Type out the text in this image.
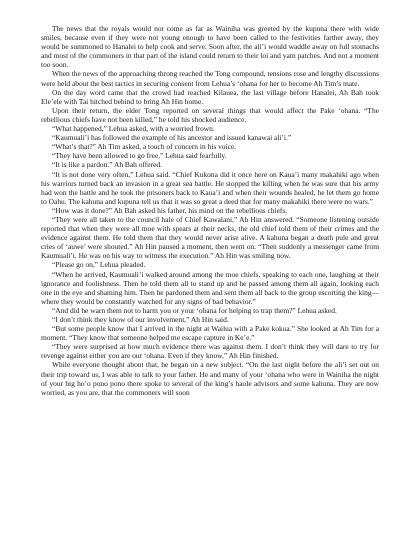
The news that the royals would not come as far as Wainiha was greeted by the kupuna there with wide smiles, because even if they were not young enough to have been called to the festivities farther away, they would be summoned to Hanalei to help cook and serve. Soon after, the ali’i would waddle away on full stomachs and most of the commoners in that part of the island could return to their loi and yam patches. And not a moment too soon.

When the news of the approaching throng reached the Tong compound, tensions rose and lengthy discussions were held about the best tactics in securing consent from Lehua’s ‘ohana for her to become Ah Tim’s mate.

On the day word came that the crowd had reached Kilauea, the last village before Hanalei, Ah Bah took Ele’ele with Tai hitched behind to bring Ah Hin home.

Upon their return, the elder Tong reported on several things that would affect the Pake ‘ohana. “The rebellious chiefs have not been killed,” he told his shocked audience.

“What happened,” Lehua asked, with a worried frown.

“Kaumuali’i has followed the example of his ancestor and issued kanawai ali’i.”

“What’s that?” Ah Tim asked, a touch of concern in his voice.

“They have been allowed to go free,” Lehua said fearfully.

“It is like a pardon.” Ah Bah offered.

“It is not done very often,” Lehua said. “Chief Kukona did it once here on Kaua’i many makahiki ago when his warriors turned back an invasion in a great sea battle. He stopped the killing when he was sure that his army had won the battle and he took the prisoners back to Kaua’i and when their wounds healed, he let them go home to Oahu. The kahuna and kupuna tell us that it was so great a deed that for many makahiki there were no wars.”

“How was it done?” Ah Bah asked his father, his mind on the rebellious chiefs.

“They were all taken to the council hale of Chief Kawalani,” Ah Hin answered. “Someone listening outside reported that when they were all moe with spears at their necks, the old chief told them of their crimes and the evidence against them. He told them that they would never arise alive. A kahuna began a death pule and great cries of ‘auwe’ were shouted.” Ah Hin paused a moment, then went on. “Then suddenly a messenger came from Kaumuali’i. He was on his way to witness the execution.” Ah Hin was smiling now.

“Please go on,” Lehua pleaded.

“When he arrived, Kaumuali’i walked around among the moe chiefs, speaking to each one, laughing at their ignorance and foolishness. Then he told them all to stand up and he passed among them all again, looking each one in the eye and shaming him. Then he pardoned them and sent them all back to the group escorting the king— where they would be constantly watched for any signs of bad behavior.”

“And did he warn them not to harm you or your ‘ohana for helping to trap them?” Lehua asked.

“I don’t think they know of our involvement,” Ah Hin said.

“But some people know that I arrived in the night at Wailua with a Pake kokua.” She looked at Ah Tim for a moment. “They know that someone helped me escape capture in Ke’e.”

“They were surprised at how much evidence there was against them. I don’t think they will dare to try for revenge against either you are our ‘ohana. Even if they know,” Ah Hin finished.

While everyone thought about that, he began on a new subject. “On the last night before the ali’i set out on their trip toward us, I was able to talk to your father. He and many of your ‘ohana who were in Wainiha the night of your big ho’o pono pono there spoke to several of the king’s haole advisors and some kahuna. They are now worried, as you are, that the commoners will soon
